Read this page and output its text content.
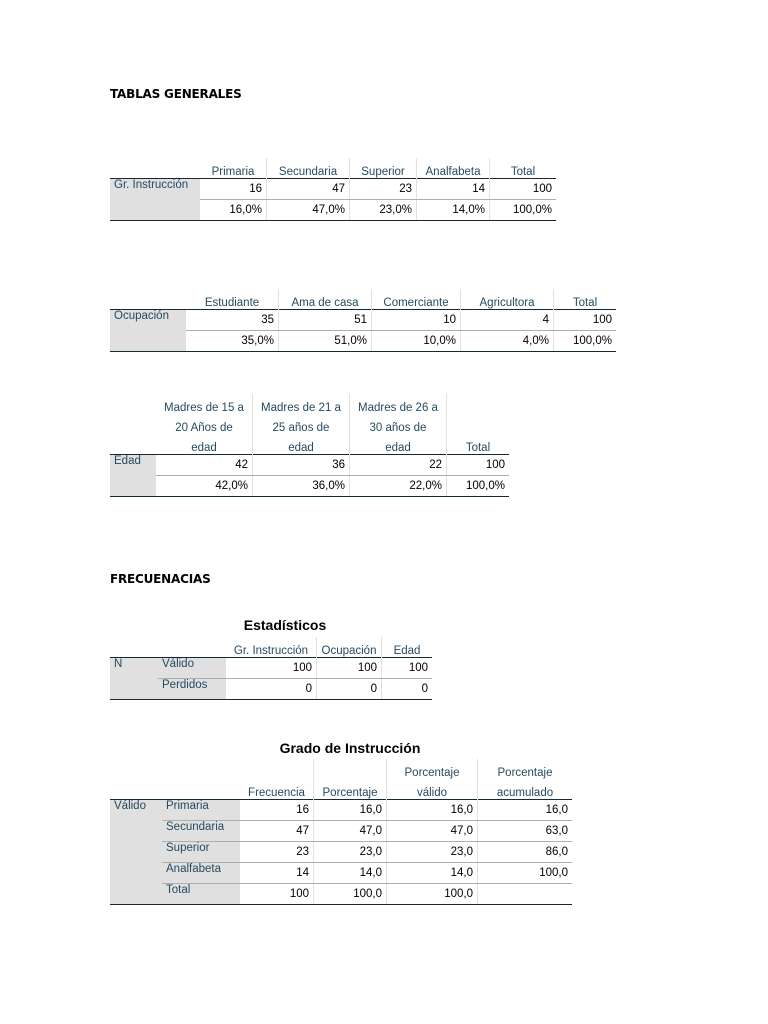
TABLAS GENERALES
	Primaria	Secundaria	Superior	Analfabeta	Total
Gr. Instrucción	16	47	23	14	100
	16,0%	47,0%	23,0%	14,0%	100,0%
	Estudiante	Ama de casa	Comerciante	Agricultora	Total
Ocupación	35	51	10	4	100
	35,0%	51,0%	10,0%	4,0%	100,0%
	Madres de 15 a	Madres de 21 a	Madres de 26 a	
	20 Años de	25 años de	30 años de	
	edad	edad	edad	Total
Edad	42	36	22	100
	42,0%	36,0%	22,0%	100,0%
FRECUENACIAS
Estadísticos
		Gr. Instrucción	Ocupación	Edad
N	Válido	100	100	100
	Perdidos	0	0	0
Grado de Instrucción
				Porcentaje	Porcentaje
		Frecuencia	Porcentaje	válido	acumulado
Válido	Primaria	16	16,0	16,0	16,0
	Secundaria	47	47,0	47,0	63,0
	Superior	23	23,0	23,0	86,0
	Analfabeta	14	14,0	14,0	100,0
	Total	100	100,0	100,0	
